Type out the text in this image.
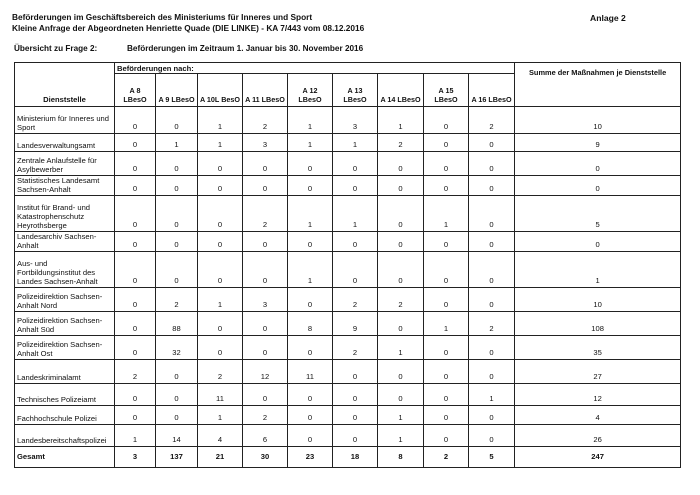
Beförderungen im Geschäftsbereich des Ministeriums für Inneres und Sport
Kleine Anfrage der Abgeordneten Henriette Quade (DIE LINKE) - KA 7/443 vom 08.12.2016
Anlage 2
Übersicht zu Frage 2:	Beförderungen im Zeitraum 1. Januar bis 30. November 2016
	Beförderungen nach:									Summe der Maßnahmen je Dienststelle
Dienststelle	A 8 LBesO	A 9 LBesO	A 10L BesO	A 11 LBesO	A 12 LBesO	A 13 LBesO	A 14 LBesO	A 15 LBesO	A 16 LBesO	
Ministerium für Inneres und Sport	0	0	1	2	1	3	1	0	2	10
Landesverwaltungsamt	0	1	1	3	1	1	2	0	0	9
Zentrale Anlaufstelle für Asylbewerber	0	0	0	0	0	0	0	0	0	0
Statistisches Landesamt Sachsen-Anhalt	0	0	0	0	0	0	0	0	0	0
Institut für Brand- und Katastrophenschutz Heyrothsberge	0	0	0	2	1	1	0	1	0	5
Landesarchiv Sachsen-Anhalt	0	0	0	0	0	0	0	0	0	0
Aus- und Fortbildungsinstitut des Landes Sachsen-Anhalt	0	0	0	0	1	0	0	0	0	1
Polizeidirektion Sachsen-Anhalt Nord	0	2	1	3	0	2	2	0	0	10
Polizeidirektion Sachsen-Anhalt Süd	0	88	0	0	8	9	0	1	2	108
Polizeidirektion Sachsen-Anhalt Ost	0	32	0	0	0	2	1	0	0	35
Landeskriminalamt	2	0	2	12	11	0	0	0	0	27
Technisches Polizeiamt	0	0	11	0	0	0	0	0	1	12
Fachhochschule Polizei	0	0	1	2	0	0	1	0	0	4
Landesbereitschaftspolizei	1	14	4	6	0	0	1	0	0	26
Gesamt	3	137	21	30	23	18	8	2	5	247
